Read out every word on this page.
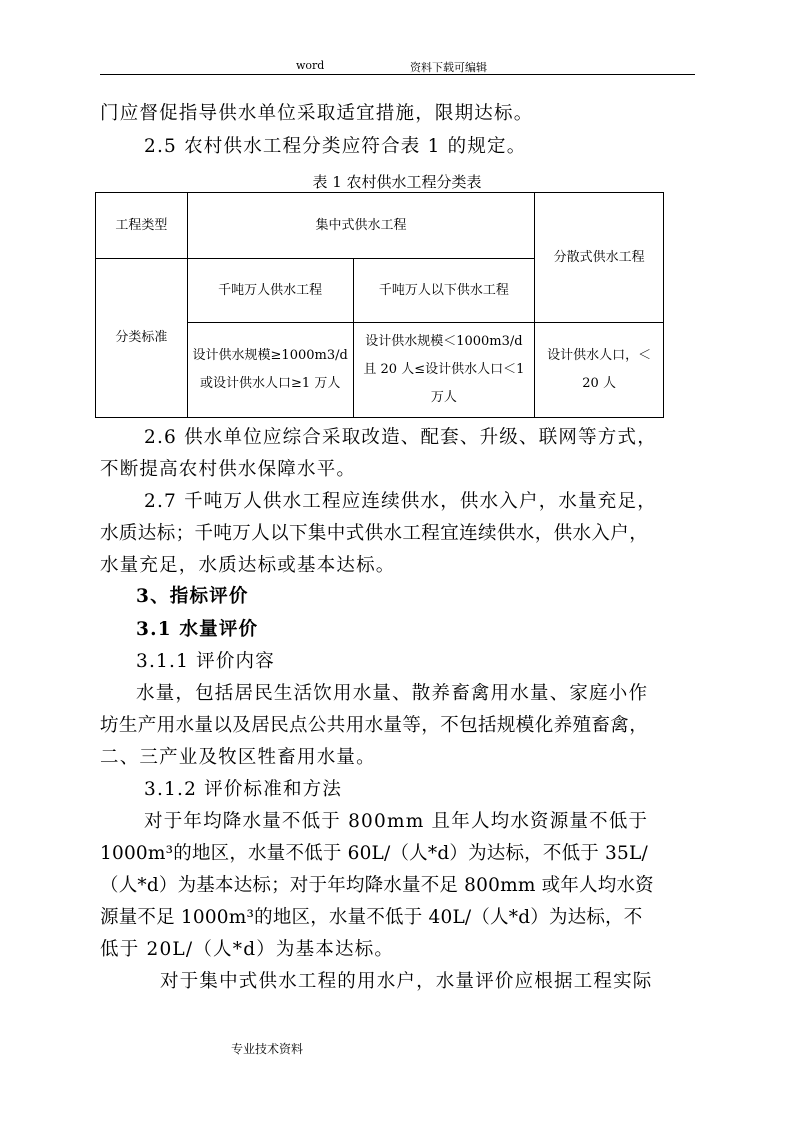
word	资料下载可编辑
门应督促指导供水单位采取适宜措施，限期达标。
2.5 农村供水工程分类应符合表 1 的规定。
表 1 农村供水工程分类表
工程类型	集中式供水工程		分散式供水工程
分类标准	千吨万人供水工程	千吨万人以下供水工程	
	设计供水规模≥1000m3/d 或设计供水人口≥1 万人	设计供水规模＜1000m3/d 且 20 人≤设计供水人口＜1 万人	设计供水人口，＜ 20 人
2.6 供水单位应综合采取改造、配套、升级、联网等方式，
不断提高农村供水保障水平。
2.7 千吨万人供水工程应连续供水，供水入户，水量充足，
水质达标；千吨万人以下集中式供水工程宜连续供水，供水入户，
水量充足，水质达标或基本达标。
3、指标评价
3.1 水量评价
3.1.1 评价内容
水量，包括居民生活饮用水量、散养畜禽用水量、家庭小作
坊生产用水量以及居民点公共用水量等，不包括规模化养殖畜禽，
二、三产业及牧区牲畜用水量。
3.1.2 评价标准和方法
对于年均降水量不低于 800mm 且年人均水资源量不低于
1000m³的地区，水量不低于 60L/（人*d）为达标，不低于 35L/
（人*d）为基本达标；对于年均降水量不足 800mm 或年人均水资
源量不足 1000m³的地区，水量不低于 40L/（人*d）为达标，不
低于 20L/（人*d）为基本达标。
对于集中式供水工程的用水户，水量评价应根据工程实际
专业技术资料
